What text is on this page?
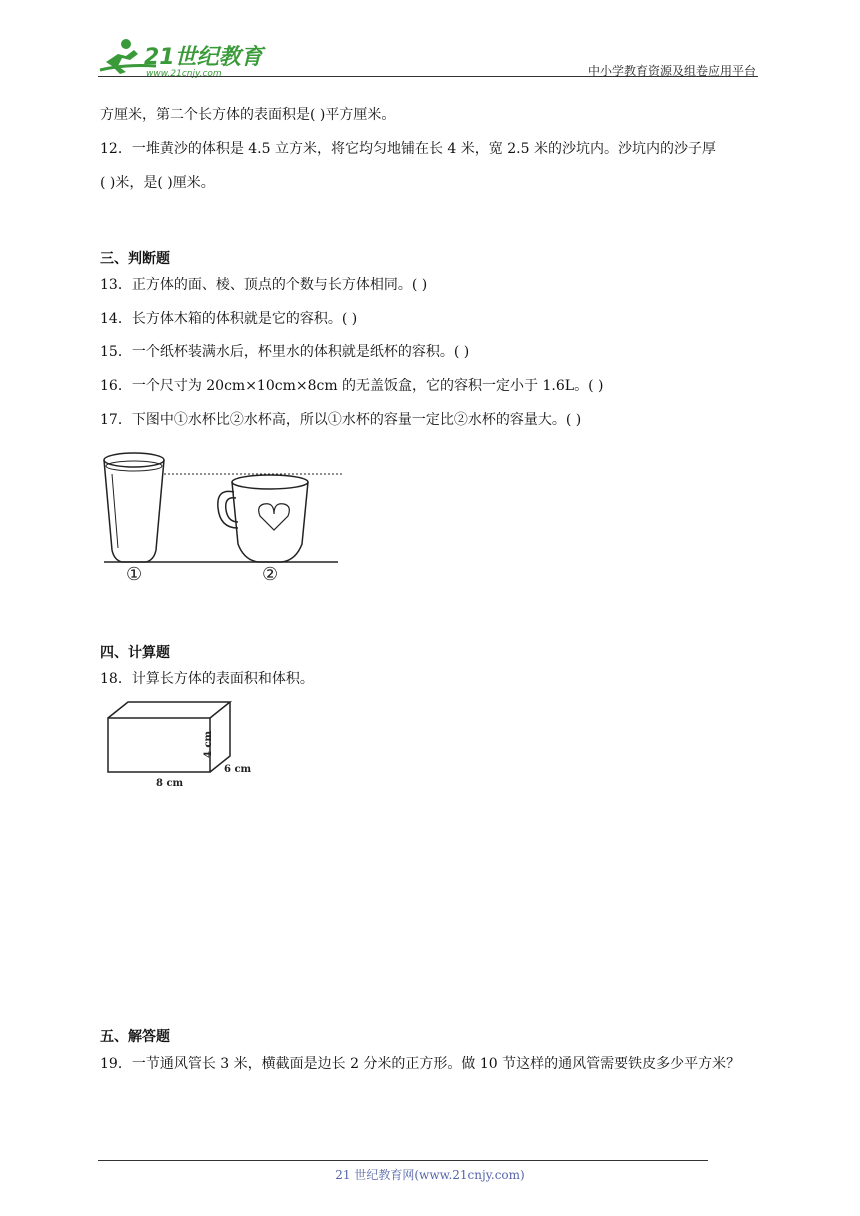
21世纪教育
www.21cnjy.com	中小学教育资源及组卷应用平台
方厘米，第二个长方体的表面积是( )平方厘米。
12．一堆黄沙的体积是 4.5 立方米，将它均匀地铺在长 4 米，宽 2.5 米的沙坑内。沙坑内的沙子厚
( )米，是( )厘米。
三、判断题
13．正方体的面、棱、顶点的个数与长方体相同。( )
14．长方体木箱的体积就是它的容积。( )
15．一个纸杯装满水后，杯里水的体积就是纸杯的容积。( )
16．一个尺寸为 20cm×10cm×8cm 的无盖饭盒，它的容积一定小于 1.6L。( )
17．下图中①水杯比②水杯高，所以①水杯的容量一定比②水杯的容量大。( )
①	②
四、计算题
18．计算长方体的表面积和体积。
8 cm
4 cm
6 cm
五、解答题
19．一节通风管长 3 米，横截面是边长 2 分米的正方形。做 10 节这样的通风管需要铁皮多少平方米？
21 世纪教育网(www.21cnjy.com)
